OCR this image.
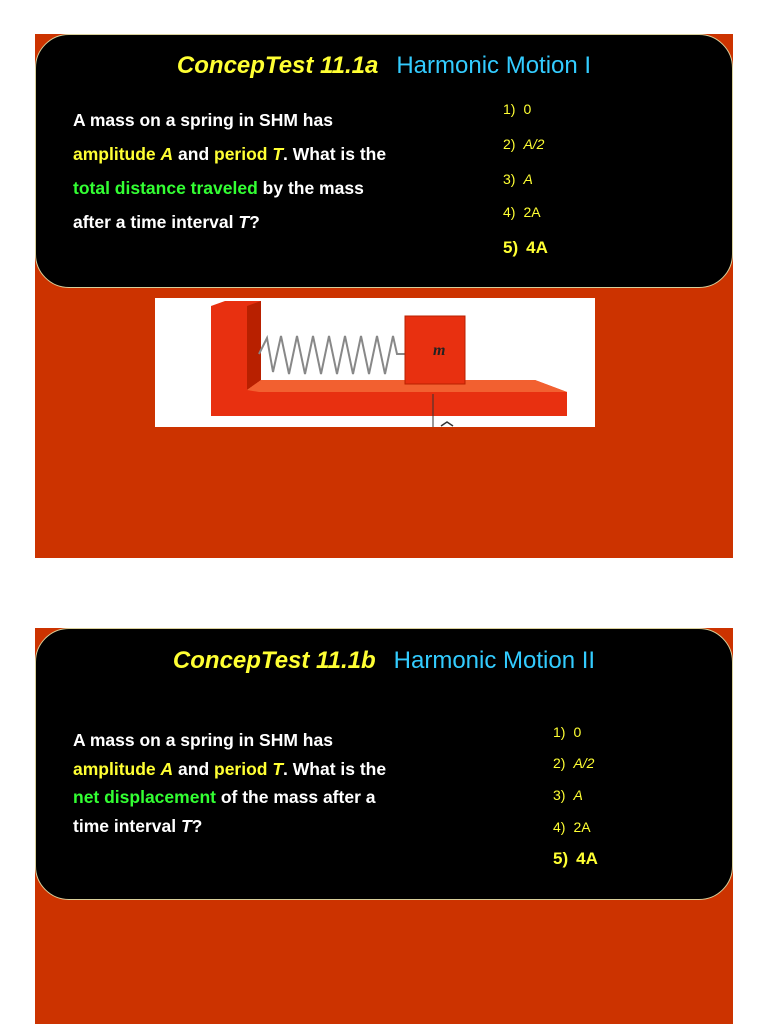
ConcepTest 11.1a Harmonic Motion I
A mass on a spring in SHM has amplitude A and period T. What is the total distance traveled by the mass after a time interval T?
1) 0
2) A/2
3) A
4) 2A
5) 4A
m
ConcepTest 11.1b Harmonic Motion II
A mass on a spring in SHM has amplitude A and period T. What is the net displacement of the mass after a time interval T?
1) 0
2) A/2
3) A
4) 2A
5) 4A
